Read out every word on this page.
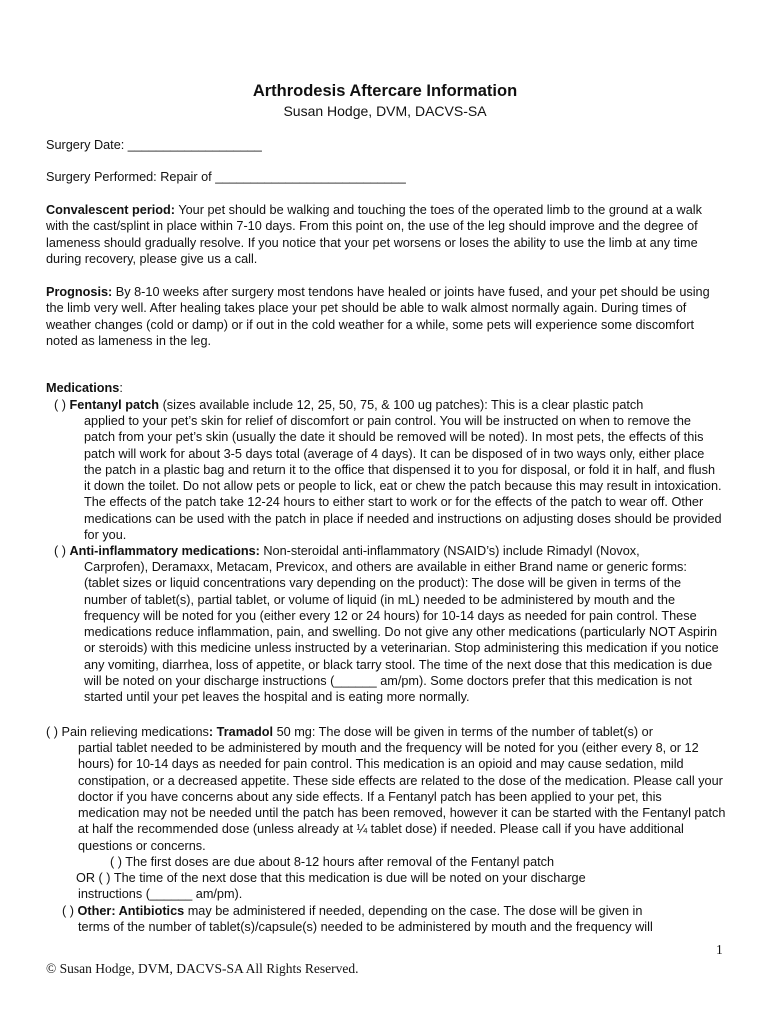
Arthrodesis Aftercare Information
Susan Hodge, DVM, DACVS-SA
Surgery Date: ___________________
Surgery Performed: Repair of ___________________________
Convalescent period: Your pet should be walking and touching the toes of the operated limb to the ground at a walk with the cast/splint in place within 7-10 days. From this point on, the use of the leg should improve and the degree of lameness should gradually resolve. If you notice that your pet worsens or loses the ability to use the limb at any time during recovery, please give us a call.
Prognosis: By 8-10 weeks after surgery most tendons have healed or joints have fused, and your pet should be using the limb very well. After healing takes place your pet should be able to walk almost normally again. During times of weather changes (cold or damp) or if out in the cold weather for a while, some pets will experience some discomfort noted as lameness in the leg.
Medications:
( ) Fentanyl patch (sizes available include 12, 25, 50, 75, & 100 ug patches): This is a clear plastic patch
applied to your pet’s skin for relief of discomfort or pain control. You will be instructed on when to remove the patch from your pet’s skin (usually the date it should be removed will be noted). In most pets, the effects of this patch will work for about 3-5 days total (average of 4 days). It can be disposed of in two ways only, either place the patch in a plastic bag and return it to the office that dispensed it to you for disposal, or fold it in half, and flush it down the toilet. Do not allow pets or people to lick, eat or chew the patch because this may result in intoxication. The effects of the patch take 12-24 hours to either start to work or for the effects of the patch to wear off. Other medications can be used with the patch in place if needed and instructions on adjusting doses should be provided for you.
( ) Anti-inflammatory medications: Non-steroidal anti-inflammatory (NSAID’s) include Rimadyl (Novox,
Carprofen), Deramaxx, Metacam, Previcox, and others are available in either Brand name or generic forms: (tablet sizes or liquid concentrations vary depending on the product): The dose will be given in terms of the number of tablet(s), partial tablet, or volume of liquid (in mL) needed to be administered by mouth and the frequency will be noted for you (either every 12 or 24 hours) for 10-14 days as needed for pain control. These medications reduce inflammation, pain, and swelling. Do not give any other medications (particularly NOT Aspirin or steroids) with this medicine unless instructed by a veterinarian. Stop administering this medication if you notice any vomiting, diarrhea, loss of appetite, or black tarry stool. The time of the next dose that this medication is due will be noted on your discharge instructions (______ am/pm). Some doctors prefer that this medication is not started until your pet leaves the hospital and is eating more normally.
( ) Pain relieving medications: Tramadol 50 mg: The dose will be given in terms of the number of tablet(s) or
partial tablet needed to be administered by mouth and the frequency will be noted for you (either every 8, or 12 hours) for 10-14 days as needed for pain control. This medication is an opioid and may cause sedation, mild constipation, or a decreased appetite. These side effects are related to the dose of the medication. Please call your doctor if you have concerns about any side effects. If a Fentanyl patch has been applied to your pet, this medication may not be needed until the patch has been removed, however it can be started with the Fentanyl patch at half the recommended dose (unless already at ¼ tablet dose) if needed. Please call if you have additional questions or concerns.
( ) The first doses are due about 8-12 hours after removal of the Fentanyl patch
OR ( ) The time of the next dose that this medication is due will be noted on your discharge
instructions (______ am/pm).
( ) Other: Antibiotics may be administered if needed, depending on the case. The dose will be given in
terms of the number of tablet(s)/capsule(s) needed to be administered by mouth and the frequency will
1
© Susan Hodge, DVM, DACVS-SA All Rights Reserved.
